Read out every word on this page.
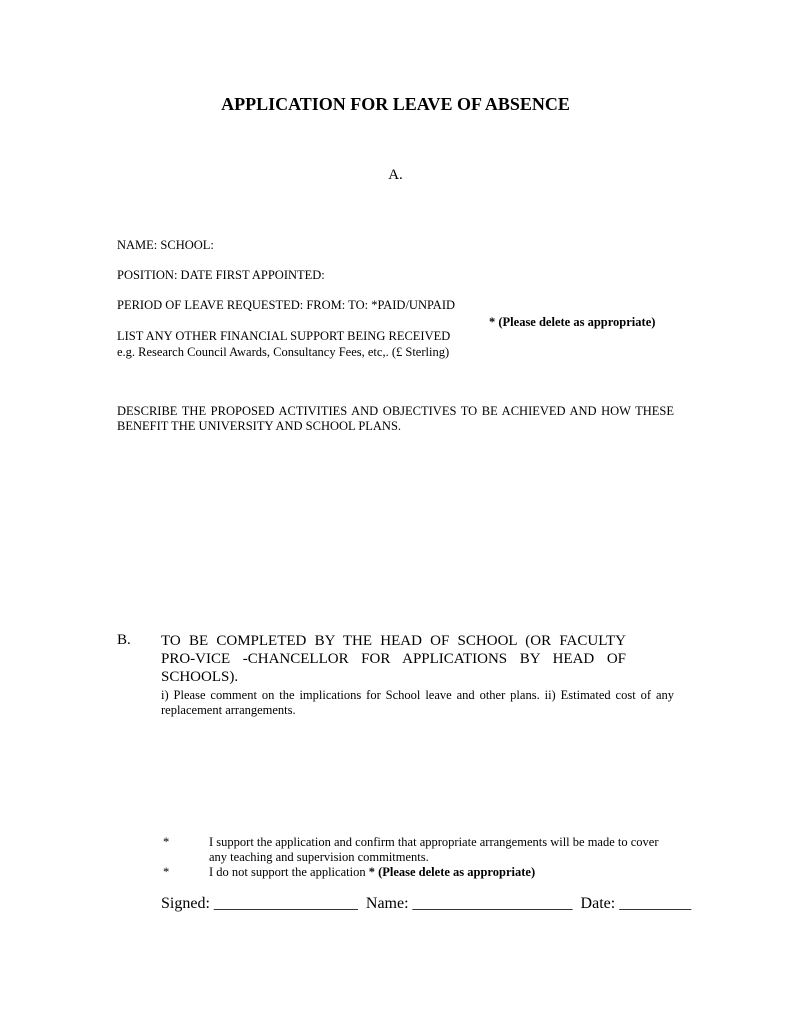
APPLICATION FOR LEAVE OF ABSENCE
A.
NAME: SCHOOL:
POSITION: DATE FIRST APPOINTED:
PERIOD OF LEAVE REQUESTED: FROM: TO: *PAID/UNPAID
* (Please delete as appropriate)
LIST ANY OTHER FINANCIAL SUPPORT BEING RECEIVED
e.g. Research Council Awards, Consultancy Fees, etc,. (£ Sterling)
DESCRIBE THE PROPOSED ACTIVITIES AND OBJECTIVES TO BE ACHIEVED AND HOW THESE BENEFIT THE UNIVERSITY AND SCHOOL PLANS.
B. TO BE COMPLETED BY THE HEAD OF SCHOOL (OR FACULTY
PRO-VICE -CHANCELLOR FOR APPLICATIONS BY HEAD OF
SCHOOLS).
i) Please comment on the implications for School leave and other plans. ii) Estimated cost of any replacement arrangements.
*	I support the application and confirm that appropriate arrangements will be made to cover any teaching and supervision commitments.
*	I do not support the application * (Please delete as appropriate)
Signed: __________________ Name: ____________________ Date: _________
